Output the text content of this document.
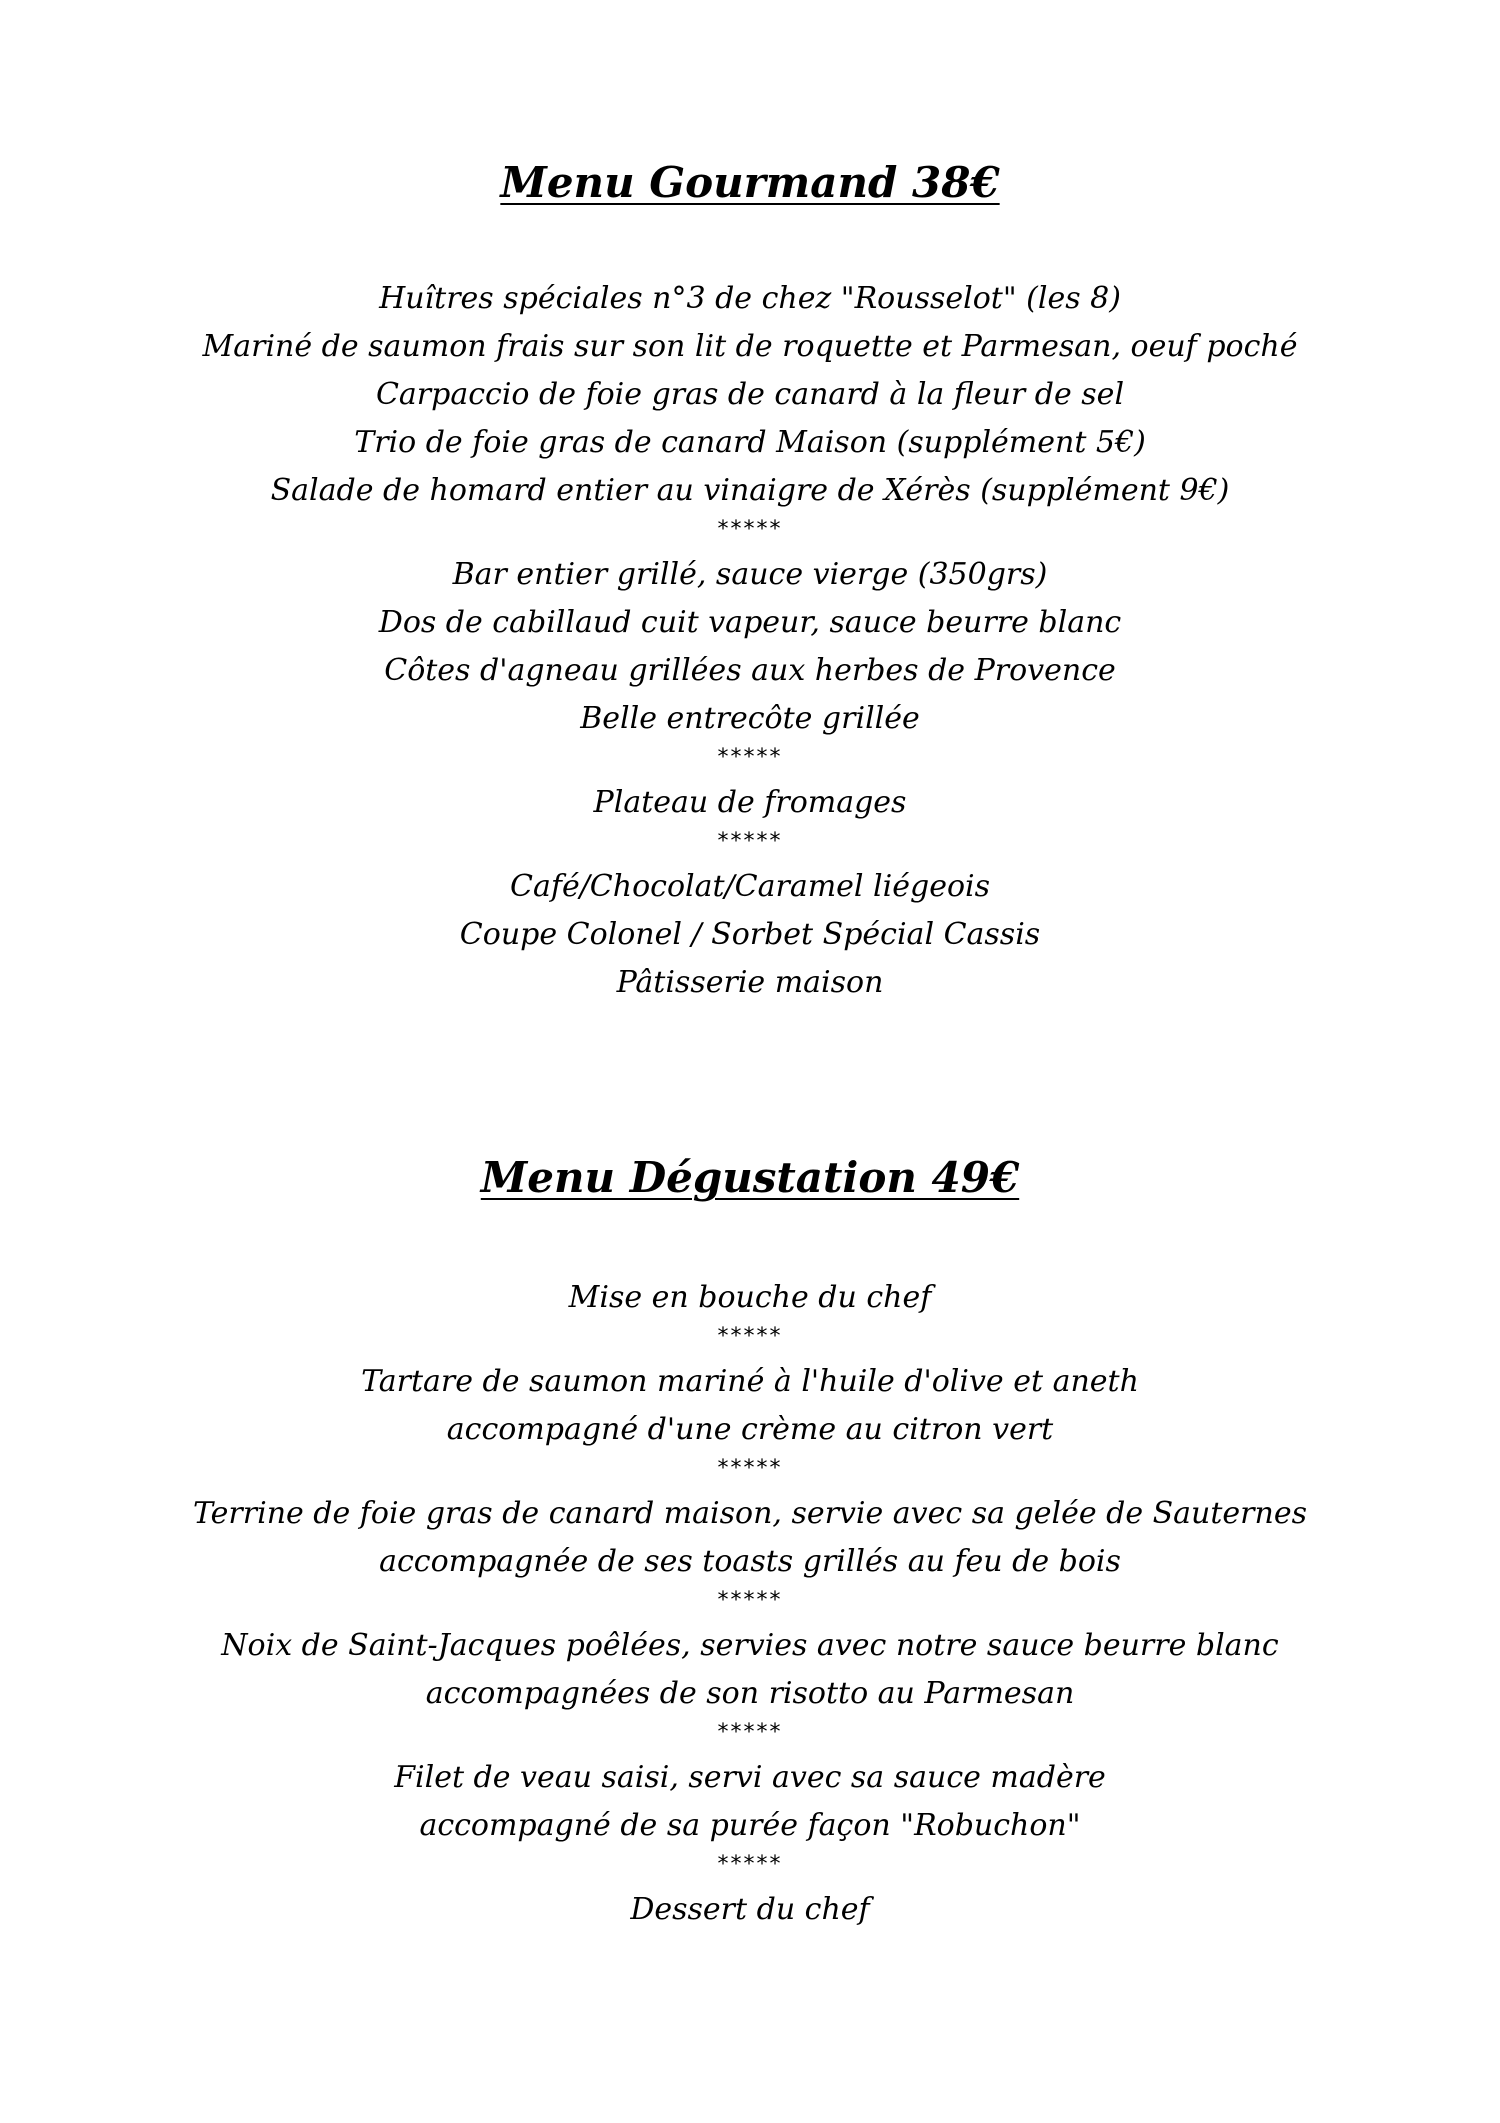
Menu Gourmand 38€
Huîtres spéciales n°3 de chez "Rousselot" (les 8)
Mariné de saumon frais sur son lit de roquette et Parmesan, oeuf poché
Carpaccio de foie gras de canard à la fleur de sel
Trio de foie gras de canard Maison (supplément 5€)
Salade de homard entier au vinaigre de Xérès (supplément 9€)
*****
Bar entier grillé, sauce vierge (350grs)
Dos de cabillaud cuit vapeur, sauce beurre blanc
Côtes d'agneau grillées aux herbes de Provence
Belle entrecôte grillée
*****
Plateau de fromages
*****
Café/Chocolat/Caramel liégeois
Coupe Colonel / Sorbet Spécial Cassis
Pâtisserie maison
Menu Dégustation 49€
Mise en bouche du chef
*****
Tartare de saumon mariné à l'huile d'olive et aneth
accompagné d'une crème au citron vert
*****
Terrine de foie gras de canard maison, servie avec sa gelée de Sauternes
accompagnée de ses toasts grillés au feu de bois
*****
Noix de Saint-Jacques poêlées, servies avec notre sauce beurre blanc
accompagnées de son risotto au Parmesan
*****
Filet de veau saisi, servi avec sa sauce madère
accompagné de sa purée façon "Robuchon"
*****
Dessert du chef
